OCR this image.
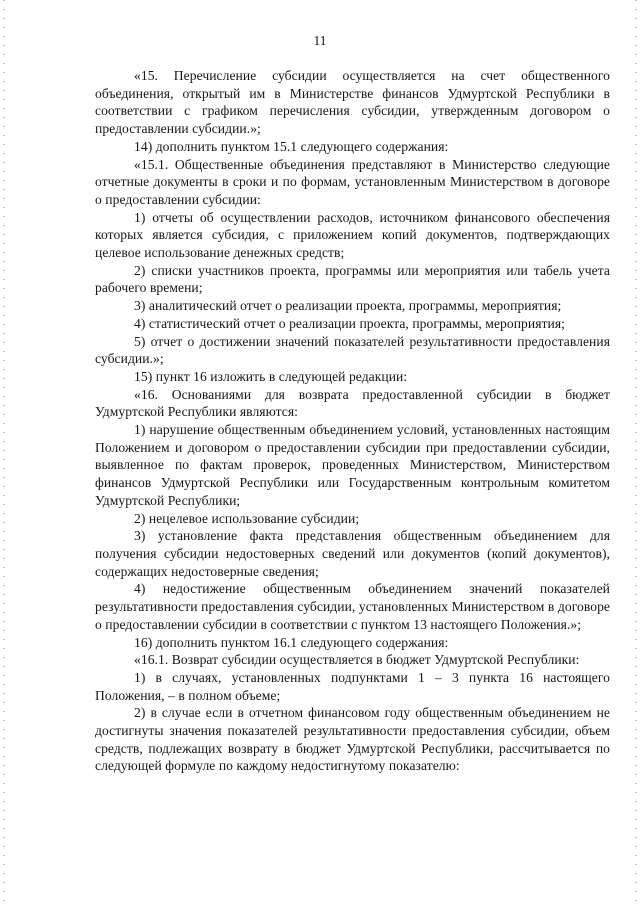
11

«15. Перечисление субсидии осуществляется на счет общественного объединения, открытый им в Министерстве финансов Удмуртской Республики в соответствии с графиком перечисления субсидии, утвержденным договором о предоставлении субсидии.»;

14) дополнить пунктом 15.1 следующего содержания:

«15.1. Общественные объединения представляют в Министерство следующие отчетные документы в сроки и по формам, установленным Министерством в договоре о предоставлении субсидии:

1) отчеты об осуществлении расходов, источником финансового обеспечения которых является субсидия, с приложением копий документов, подтверждающих целевое использование денежных средств;

2) списки участников проекта, программы или мероприятия или табель учета рабочего времени;

3) аналитический отчет о реализации проекта, программы, мероприятия;

4) статистический отчет о реализации проекта, программы, мероприятия;

5) отчет о достижении значений показателей результативности предоставления субсидии.»;

15) пункт 16 изложить в следующей редакции:

«16. Основаниями для возврата предоставленной субсидии в бюджет Удмуртской Республики являются:

1) нарушение общественным объединением условий, установленных настоящим Положением и договором о предоставлении субсидии при предоставлении субсидии, выявленное по фактам проверок, проведенных Министерством, Министерством финансов Удмуртской Республики или Государственным контрольным комитетом Удмуртской Республики;

2) нецелевое использование субсидии;

3) установление факта представления общественным объединением для получения субсидии недостоверных сведений или документов (копий документов), содержащих недостоверные сведения;

4) недостижение общественным объединением значений показателей результативности предоставления субсидии, установленных Министерством в договоре о предоставлении субсидии в соответствии с пунктом 13 настоящего Положения.»;

16) дополнить пунктом 16.1 следующего содержания:

«16.1. Возврат субсидии осуществляется в бюджет Удмуртской Республики:

1) в случаях, установленных подпунктами 1 – 3 пункта 16 настоящего Положения, – в полном объеме;

2) в случае если в отчетном финансовом году общественным объединением не достигнуты значения показателей результативности предоставления субсидии, объем средств, подлежащих возврату в бюджет Удмуртской Республики, рассчитывается по следующей формуле по каждому недостигнутому показателю:
